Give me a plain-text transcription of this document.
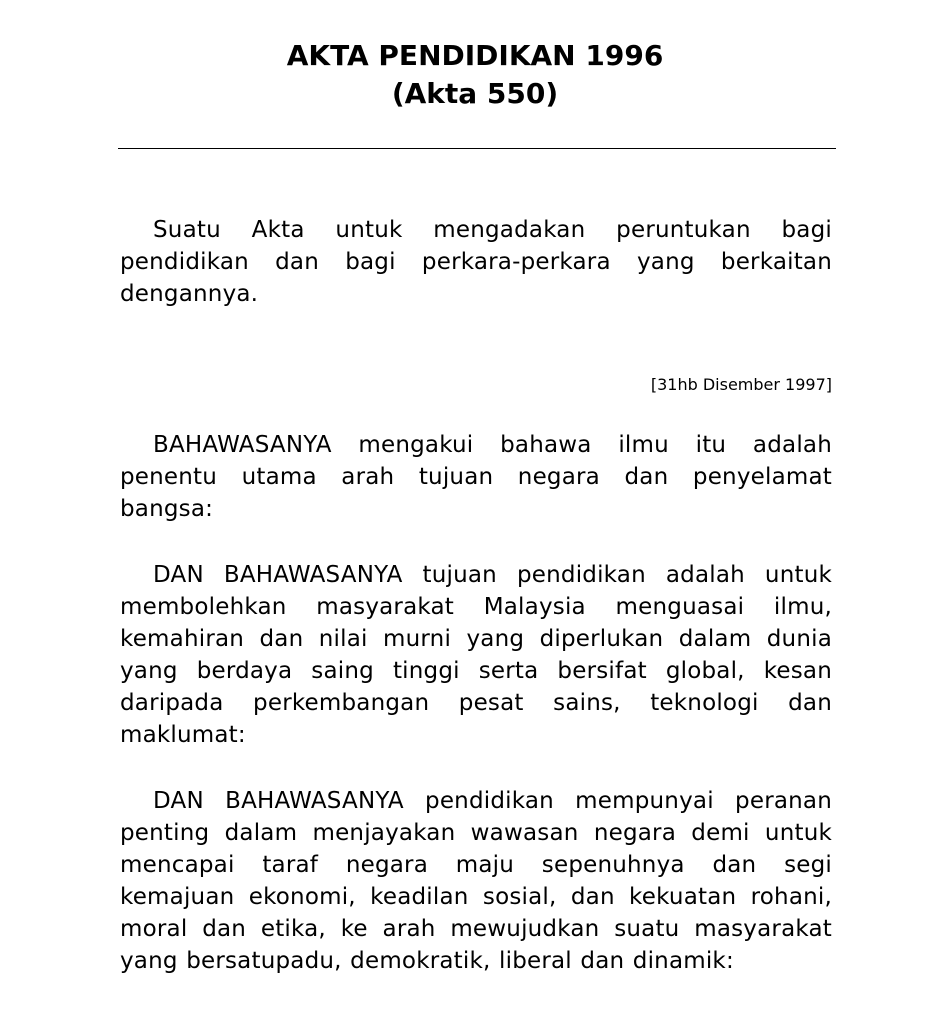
AKTA PENDIDIKAN 1996
(Akta 550)

Suatu Akta untuk mengadakan peruntukan bagi pendidikan dan bagi perkara-perkara yang berkaitan dengannya.

[31hb Disember 1997]

BAHAWASANYA mengakui bahawa ilmu itu adalah penentu utama arah tujuan negara dan penyelamat bangsa:

DAN BAHAWASANYA tujuan pendidikan adalah untuk membolehkan masyarakat Malaysia menguasai ilmu, kemahiran dan nilai murni yang diperlukan dalam dunia yang berdaya saing tinggi serta bersifat global, kesan daripada perkembangan pesat sains, teknologi dan maklumat:

DAN BAHAWASANYA pendidikan mempunyai peranan penting dalam menjayakan wawasan negara demi untuk mencapai taraf negara maju sepenuhnya dan segi kemajuan ekonomi, keadilan sosial, dan kekuatan rohani, moral dan etika, ke arah mewujudkan suatu masyarakat yang bersatupadu, demokratik, liberal dan dinamik:
